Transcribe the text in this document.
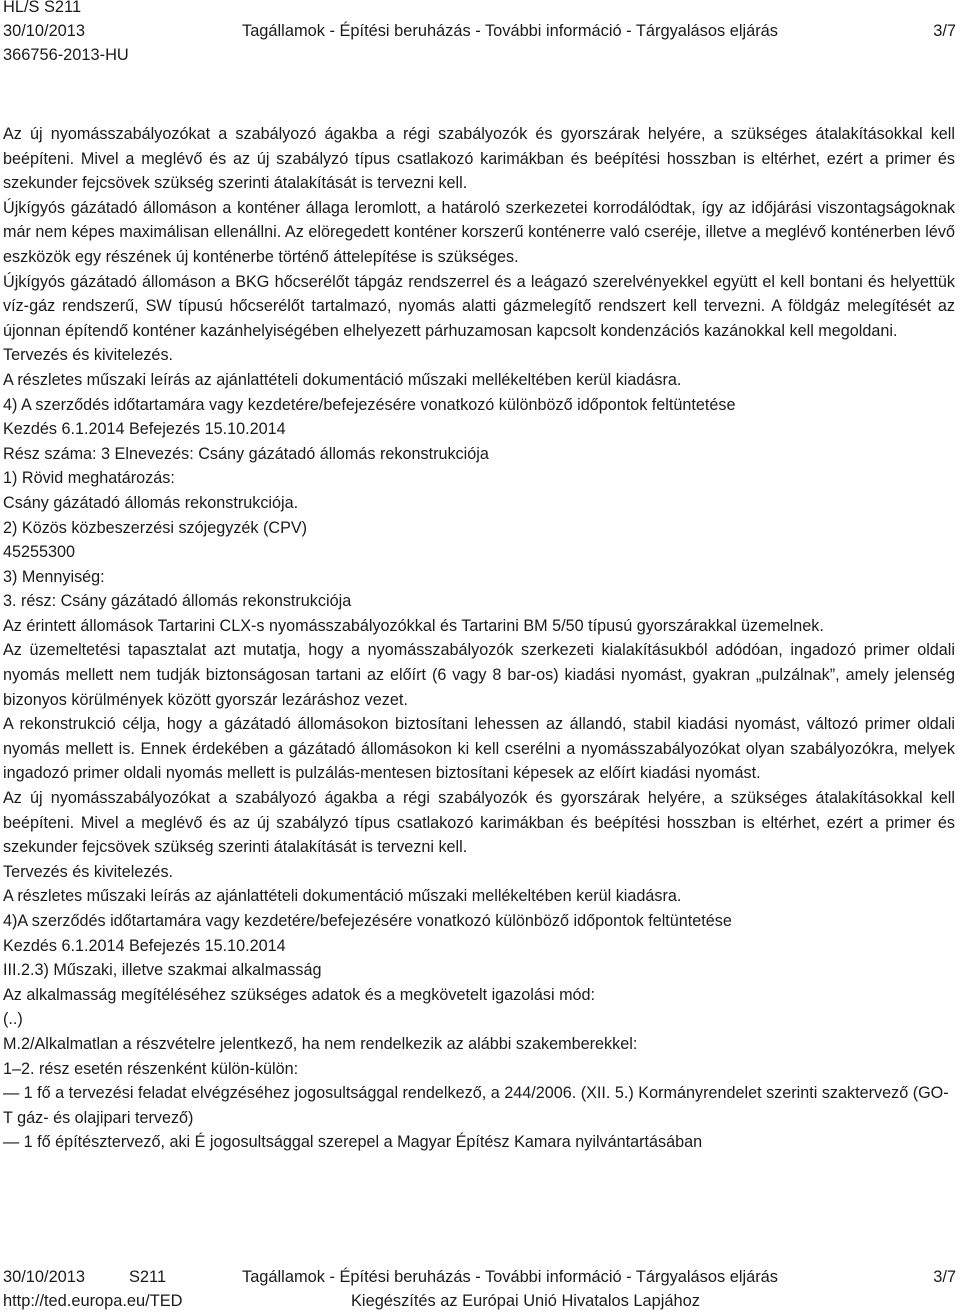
HL/S S211
30/10/2013	Tagállamok - Építési beruházás - További információ - Tárgyalásos eljárás	3/7
366756-2013-HU

Az új nyomásszabályozókat a szabályozó ágakba a régi szabályozók és gyorszárak helyére, a szükséges átalakításokkal kell beépíteni. Mivel a meglévő és az új szabályzó típus csatlakozó karimákban és beépítési hosszban is eltérhet, ezért a primer és szekunder fejcsövek szükség szerinti átalakítását is tervezni kell.

Újkígyós gázátadó állomáson a konténer állaga leromlott, a határoló szerkezetei korrodálódtak, így az időjárási viszontagságoknak már nem képes maximálisan ellenállni. Az elöregedett konténer korszerű konténerre való cseréje, illetve a meglévő konténerben lévő eszközök egy részének új konténerbe történő áttelepítése is szükséges.

Újkígyós gázátadó állomáson a BKG hőcserélőt tápgáz rendszerrel és a leágazó szerelvényekkel együtt el kell bontani és helyettük víz-gáz rendszerű, SW típusú hőcserélőt tartalmazó, nyomás alatti gázmelegítő rendszert kell tervezni. A földgáz melegítését az újonnan építendő konténer kazánhelyiségében elhelyezett párhuzamosan kapcsolt kondenzációs kazánokkal kell megoldani.

Tervezés és kivitelezés.

A részletes műszaki leírás az ajánlattételi dokumentáció műszaki mellékeltében kerül kiadásra.

4) A szerződés időtartamára vagy kezdetére/befejezésére vonatkozó különböző időpontok feltüntetése

Kezdés 6.1.2014 Befejezés 15.10.2014

Rész száma: 3 Elnevezés: Csány gázátadó állomás rekonstrukciója

1) Rövid meghatározás:

Csány gázátadó állomás rekonstrukciója.

2) Közös közbeszerzési szójegyzék (CPV)

45255300

3) Mennyiség:

3. rész: Csány gázátadó állomás rekonstrukciója

Az érintett állomások Tartarini CLX-s nyomásszabályozókkal és Tartarini BM 5/50 típusú gyorszárakkal üzemelnek.

Az üzemeltetési tapasztalat azt mutatja, hogy a nyomásszabályozók szerkezeti kialakításukból adódóan, ingadozó primer oldali nyomás mellett nem tudják biztonságosan tartani az előírt (6 vagy 8 bar-os) kiadási nyomást, gyakran „pulzálnak”, amely jelenség bizonyos körülmények között gyorszár lezáráshoz vezet.

A rekonstrukció célja, hogy a gázátadó állomásokon biztosítani lehessen az állandó, stabil kiadási nyomást, változó primer oldali nyomás mellett is. Ennek érdekében a gázátadó állomásokon ki kell cserélni a nyomásszabályozókat olyan szabályozókra, melyek ingadozó primer oldali nyomás mellett is pulzálás-mentesen biztosítani képesek az előírt kiadási nyomást.

Az új nyomásszabályozókat a szabályozó ágakba a régi szabályozók és gyorszárak helyére, a szükséges átalakításokkal kell beépíteni. Mivel a meglévő és az új szabályzó típus csatlakozó karimákban és beépítési hosszban is eltérhet, ezért a primer és szekunder fejcsövek szükség szerinti átalakítását is tervezni kell.

Tervezés és kivitelezés.

A részletes műszaki leírás az ajánlattételi dokumentáció műszaki mellékeltében kerül kiadásra.

4)A szerződés időtartamára vagy kezdetére/befejezésére vonatkozó különböző időpontok feltüntetése

Kezdés 6.1.2014 Befejezés 15.10.2014

III.2.3) Műszaki, illetve szakmai alkalmasság

Az alkalmasság megítéléséhez szükséges adatok és a megkövetelt igazolási mód:

(..)

M.2/Alkalmatlan a részvételre jelentkező, ha nem rendelkezik az alábbi szakemberekkel:

1–2. rész esetén részenként külön-külön:

— 1 fő a tervezési feladat elvégzéséhez jogosultsággal rendelkező, a 244/2006. (XII. 5.) Kormányrendelet szerinti szaktervező (GO-T gáz- és olajipari tervező)

— 1 fő építésztervező, aki É jogosultsággal szerepel a Magyar Építész Kamara nyilvántartásában

30/10/2013	S211	Tagállamok - Építési beruházás - További információ - Tárgyalásos eljárás	3/7
http://ted.europa.eu/TED	Kiegészítés az Európai Unió Hivatalos Lapjához
